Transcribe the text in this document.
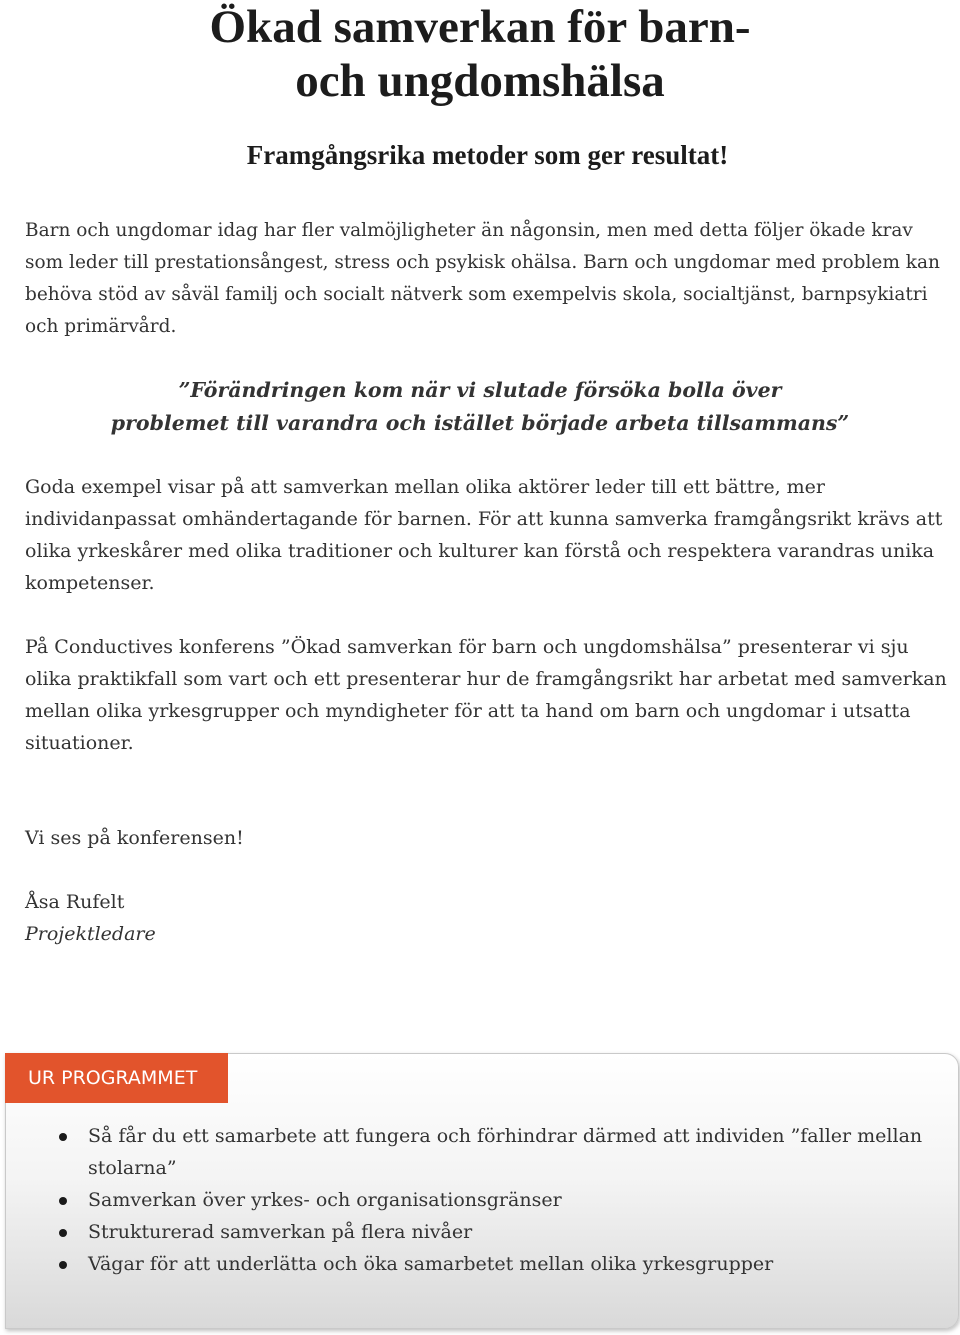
Ökad samverkan för barn-
och ungdomshälsa
Framgångsrika metoder som ger resultat!

Barn och ungdomar idag har fler valmöjligheter än någonsin, men med detta följer ökade krav som leder till prestationsångest, stress och psykisk ohälsa. Barn och ungdomar med problem kan behöva stöd av såväl familj och socialt nätverk som exempelvis skola, socialtjänst, barnpsykiatri och primärvård.

”Förändringen kom när vi slutade försöka bolla över
problemet till varandra och istället började arbeta tillsammans”

Goda exempel visar på att samverkan mellan olika aktörer leder till ett bättre, mer individanpassat omhändertagande för barnen. För att kunna samverka framgångsrikt krävs att olika yrkeskårer med olika traditioner och kulturer kan förstå och respektera varandras unika kompetenser.

På Conductives konferens ”Ökad samverkan för barn och ungdomshälsa” presenterar vi sju olika praktikfall som vart och ett presenterar hur de framgångsrikt har arbetat med samverkan mellan olika yrkesgrupper och myndigheter för att ta hand om barn och ungdomar i utsatta situationer.

Vi ses på konferensen!

Åsa Rufelt

Projektledare

UR PROGRAMMET
Så får du ett samarbete att fungera och förhindrar därmed att individen ”faller mellan stolarna”
Samverkan över yrkes- och organisationsgränser
Strukturerad samverkan på flera nivåer
Vägar för att underlätta och öka samarbetet mellan olika yrkesgrupper
